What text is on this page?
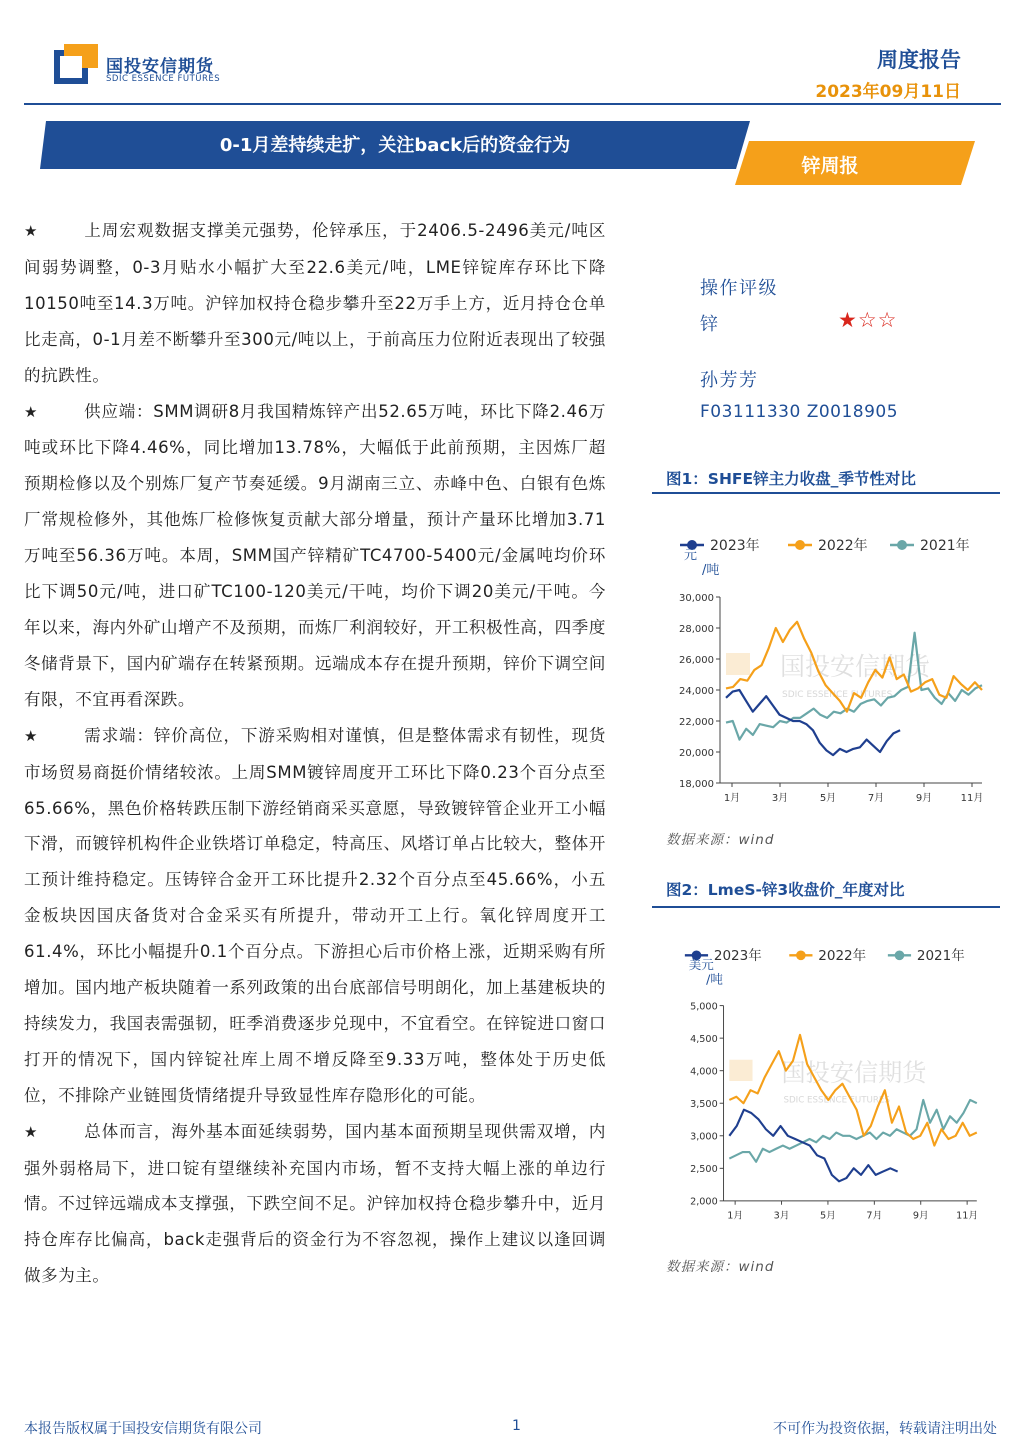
国投安信期货
SDIC ESSENCE FUTURES
周度报告
2023年09月11日
0-1月差持续走扩，关注back后的资金行为
锌周报

★	上周宏观数据支撑美元强势，伦锌承压，于2406.5-2496美元/吨区间弱势调整，0-3月贴水小幅扩大至22.6美元/吨，LME锌锭库存环比下降10150吨至14.3万吨。沪锌加权持仓稳步攀升至22万手上方，近月持仓仓单比走高，0-1月差不断攀升至300元/吨以上，于前高压力位附近表现出了较强的抗跌性。

★	供应端：SMM调研8月我国精炼锌产出52.65万吨，环比下降2.46万吨或环比下降4.46%，同比增加13.78%，大幅低于此前预期，主因炼厂超预期检修以及个别炼厂复产节奏延缓。9月湖南三立、赤峰中色、白银有色炼厂常规检修外，其他炼厂检修恢复贡献大部分增量，预计产量环比增加3.71万吨至56.36万吨。本周，SMM国产锌精矿TC4700-5400元/金属吨均价环比下调50元/吨，进口矿TC100-120美元/干吨，均价下调20美元/干吨。今年以来，海内外矿山增产不及预期，而炼厂利润较好，开工积极性高，四季度冬储背景下，国内矿端存在转紧预期。远端成本存在提升预期，锌价下调空间有限，不宜再看深跌。

★	需求端：锌价高位，下游采购相对谨慎，但是整体需求有韧性，现货市场贸易商挺价情绪较浓。上周SMM镀锌周度开工环比下降0.23个百分点至65.66%，黑色价格转跌压制下游经销商采买意愿，导致镀锌管企业开工小幅下滑，而镀锌机构件企业铁塔订单稳定，特高压、风塔订单占比较大，整体开工预计维持稳定。压铸锌合金开工环比提升2.32个百分点至45.66%，小五金板块因国庆备货对合金采买有所提升，带动开工上行。氧化锌周度开工61.4%，环比小幅提升0.1个百分点。下游担心后市价格上涨，近期采购有所增加。国内地产板块随着一系列政策的出台底部信号明朗化，加上基建板块的持续发力，我国表需强韧，旺季消费逐步兑现中，不宜看空。在锌锭进口窗口打开的情况下，国内锌锭社库上周不增反降至9.33万吨，整体处于历史低位，不排除产业链囤货情绪提升导致显性库存隐形化的可能。

★	总体而言，海外基本面延续弱势，国内基本面预期呈现供需双增，内强外弱格局下，进口锭有望继续补充国内市场，暂不支持大幅上涨的单边行情。不过锌远端成本支撑强，下跌空间不足。沪锌加权持仓稳步攀升中，近月持仓库存比偏高，back走强背后的资金行为不容忽视，操作上建议以逢回调做多为主。

操作评级
锌	★☆☆
孙芳芳
F03111330 Z0018905
图1：SHFE锌主力收盘_季节性对比
2023年	2022年	2021年
元
/吨
国投安信期货
SDIC ESSENCE FUTURES
30,000
28,000
26,000
24,000
22,000
20,000
18,000
1月	3月	5月	7月	9月	11月
数据来源：wind
图2：LmeS-锌3收盘价_年度对比
2023年	2022年	2021年
美元
/吨
国投安信期货
SDIC ESSENCE FUTURES
5,000
4,500
4,000
3,500
3,000
2,500
2,000
1月	3月	5月	7月	9月	11月
数据来源：wind
本报告版权属于国投安信期货有限公司	1	不可作为投资依据，转载请注明出处
